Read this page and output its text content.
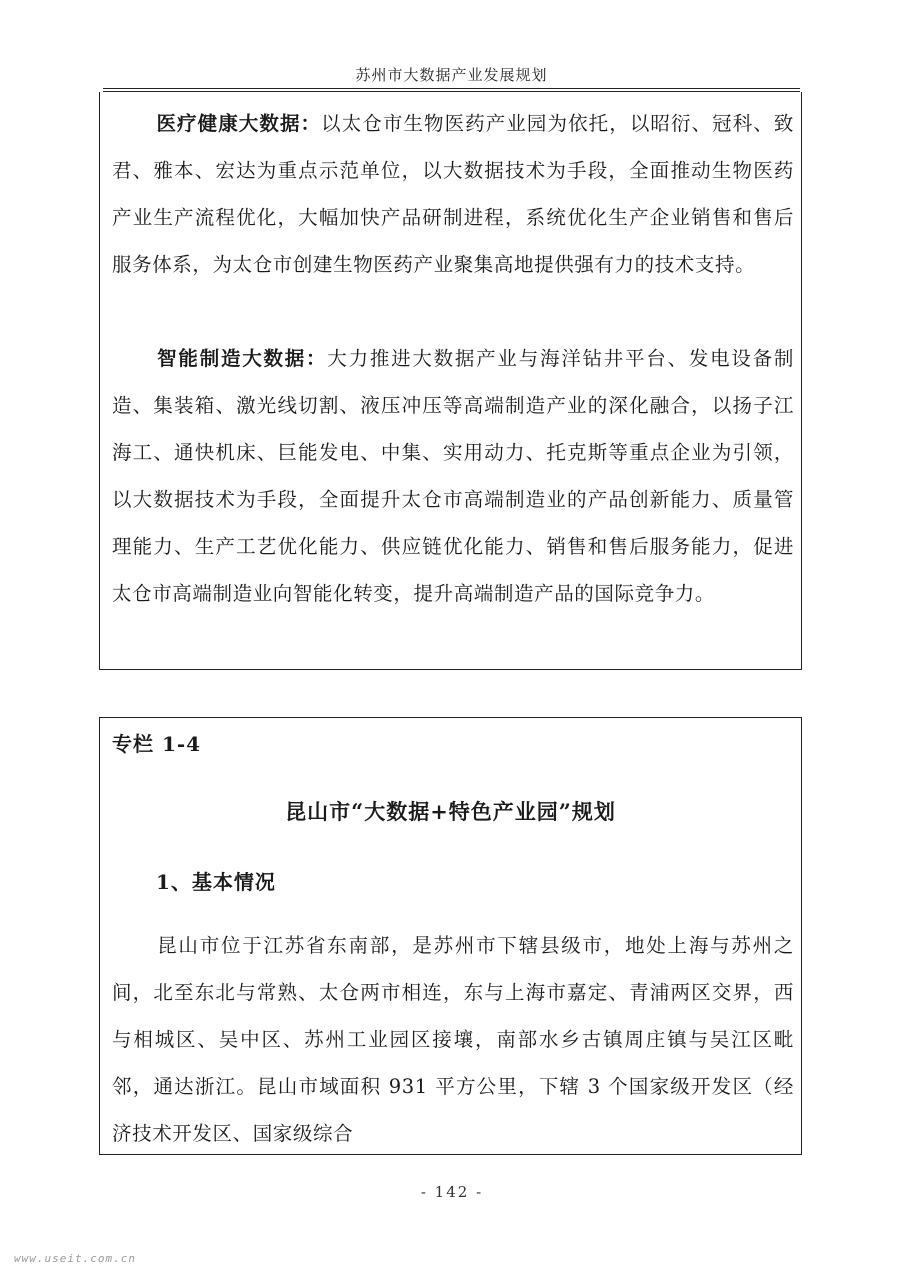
苏州市大数据产业发展规划

医疗健康大数据：以太仓市生物医药产业园为依托，以昭衍、冠科、致君、雅本、宏达为重点示范单位，以大数据技术为手段，全面推动生物医药产业生产流程优化，大幅加快产品研制进程，系统优化生产企业销售和售后服务体系，为太仓市创建生物医药产业聚集高地提供强有力的技术支持。

智能制造大数据：大力推进大数据产业与海洋钻井平台、发电设备制造、集装箱、激光线切割、液压冲压等高端制造产业的深化融合，以扬子江海工、通快机床、巨能发电、中集、实用动力、托克斯等重点企业为引领，以大数据技术为手段，全面提升太仓市高端制造业的产品创新能力、质量管理能力、生产工艺优化能力、供应链优化能力、销售和售后服务能力，促进太仓市高端制造业向智能化转变，提升高端制造产品的国际竞争力。

专栏 1-4
昆山市“大数据+特色产业园”规划
1、基本情况

昆山市位于江苏省东南部，是苏州市下辖县级市，地处上海与苏州之间，北至东北与常熟、太仓两市相连，东与上海市嘉定、青浦两区交界，西与相城区、吴中区、苏州工业园区接壤，南部水乡古镇周庄镇与吴江区毗邻，通达浙江。昆山市域面积 931 平方公里，下辖 3 个国家级开发区（经济技术开发区、国家级综合

- 142 -
www.useit.com.cn
